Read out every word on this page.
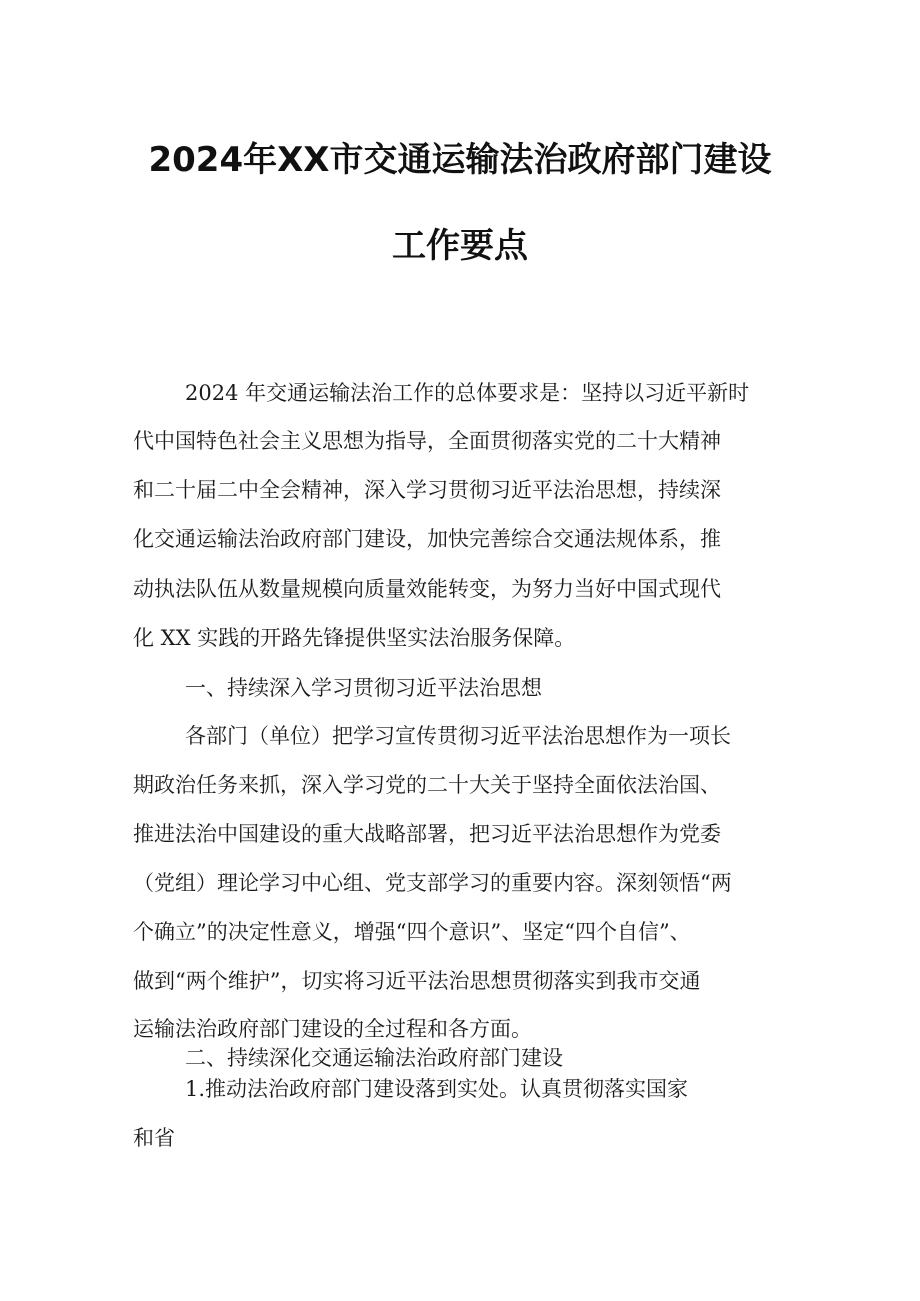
2024年XX市交通运输法治政府部门建设
工作要点
2024 年交通运输法治工作的总体要求是：坚持以习近平新时
代中国特色社会主义思想为指导，全面贯彻落实党的二十大精神
和二十届二中全会精神，深入学习贯彻习近平法治思想，持续深
化交通运输法治政府部门建设，加快完善综合交通法规体系，推
动执法队伍从数量规模向质量效能转变，为努力当好中国式现代
化 XX 实践的开路先锋提供坚实法治服务保障。
一、持续深入学习贯彻习近平法治思想
各部门（单位）把学习宣传贯彻习近平法治思想作为一项长
期政治任务来抓，深入学习党的二十大关于坚持全面依法治国、
推进法治中国建设的重大战略部署，把习近平法治思想作为党委
（党组）理论学习中心组、党支部学习的重要内容。深刻领悟“两
个确立”的决定性意义，增强“四个意识”、坚定“四个自信”、
做到“两个维护”，切实将习近平法治思想贯彻落实到我市交通
运输法治政府部门建设的全过程和各方面。
二、持续深化交通运输法治政府部门建设
1.推动法治政府部门建设落到实处。认真贯彻落实国家
和省
